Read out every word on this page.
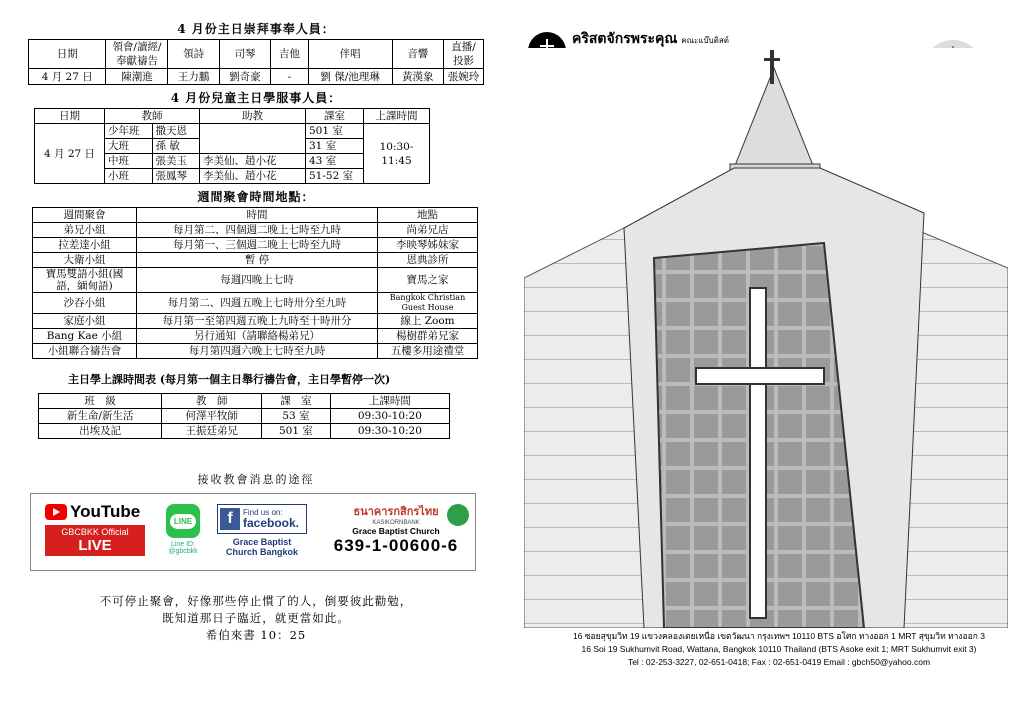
4 月份主日崇拜事奉人員：
日期	領會/讀經/奉獻禱告	領詩	司琴	吉他	伴唱	音響	直播/投影
4 月 27 日	陳潮進	王力鵬	劉奇豪	-	劉 傑/池理琳	黃漢象	張婉玲
4 月份兒童主日學服事人員：
日期	教師		助教	課室	上課時間
4 月 27 日	少年班	撒天恩		501 室	10:30-11:45
	大班	孫 敏		31 室	
	中班	張美玉	李美仙、趙小花	43 室	
	小班	張鳳琴	李美仙、趙小花	51-52 室	
週間聚會時間地點：
週間聚會	時間	地點
弟兄小組	每月第二、四個週二晚上七時至九時	尚弟兄店
拉差達小組	每月第一、三個週二晚上七時至九時	李映琴姊妹家
大衛小組	暫 停	恩典診所
寶馬雙語小組(國語，緬甸語)	每週四晚上七時	寶馬之家
沙吞小組	每月第二、四週五晚上七時卅分至九時	Bangkok Christian Guest House
家庭小組	每月第一至第四週五晚上九時至十時卅分	線上 Zoom
Bang Kae 小組	另行通知（請聯絡楊弟兄）	楊樹群弟兄家
小組聯合禱告會	每月第四週六晚上七時至九時	五樓多用途禮堂
主日學上課時間表 (每月第一個主日舉行禱告會，主日學暫停一次)
班　級	教　師	課　室	上課時間
新生命/新生活	何澤平牧師	53 室	09:30-10:20
出埃及記	王振廷弟兄	501 室	09:30-10:20
接收教會消息的途徑
YouTube
GBCBKK Official
LIVE
LINE
Line ID:
@gbcbkk
f	Find us on:
facebook.
Grace Baptist Church Bangkok
ธนาคารกสิกรไทย
KASIKORNBANK
Grace Baptist Church
639-1-00600-6
不可停止聚會，好像那些停止慣了的人，倒要彼此勸勉，
既知道那日子臨近，就更當如此。
希伯來書 10：25
คริสตจักรพระคุณ คณะแบ๊บติสต์
16 ซอยสุขุมวิท 19 แขวงคลองเตยเหนือ เขตวัฒนา กรุงเทพฯ 10110 BTS อโศก ทางออก 1 MRT สุขุมวิท ทางออก 3
16 Soi 19 Sukhumvit Road, Wattana, Bangkok 10110 Thailand (BTS Asoke exit 1; MRT Sukhumvit exit 3)
Tel : 02-253-3227, 02-651-0418; Fax : 02-651-0419 Email : gbch50@yahoo.com
